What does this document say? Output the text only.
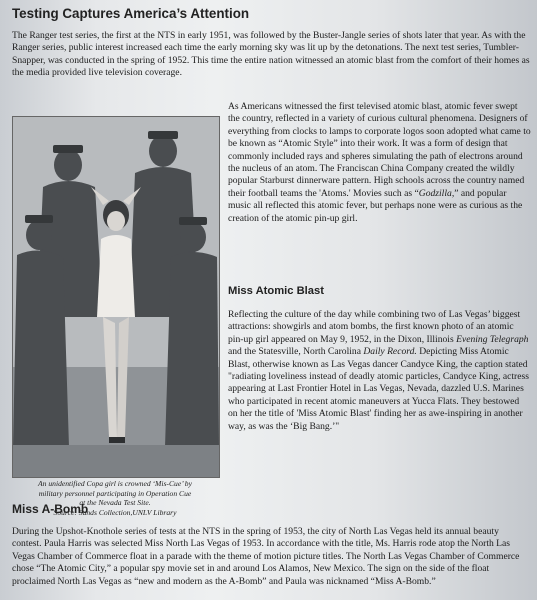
Testing Captures America’s Attention

The Ranger test series, the first at the NTS in early 1951, was followed by the Buster-Jangle series of shots later that year. As with the Ranger series, public interest increased each time the early morning sky was lit up by the detonations. The next test series, Tumbler-Snapper, was conducted in the spring of 1952. This time the entire nation witnessed an atomic blast from the comfort of their homes as the media provided live television coverage.

An unidentified Copa girl is crowned ‘Mis-Cue’ by
military personnel participating in Operation Cue
at the Nevada Test Site.
Source: Sands Collection,UNLV Library

As Americans witnessed the first televised atomic blast, atomic fever swept the country, reflected in a variety of curious cultural phenomena. Designers of everything from clocks to lamps to corporate logos soon adopted what came to be known as “Atomic Style” into their work. It was a form of design that commonly included rays and spheres simulating the path of electrons around the nucleus of an atom. The Franciscan China Company created the wildly popular Starburst dinnerware pattern. High schools across the country named their football teams the 'Atoms.' Movies such as “Godzilla,” and popular music all reflected this atomic fever, but perhaps none were as curious as the creation of the atomic pin-up girl.

Miss Atomic Blast

Reflecting the culture of the day while combining two of Las Vegas’ biggest attractions: showgirls and atom bombs, the first known photo of an atomic pin-up girl appeared on May 9, 1952, in the Dixon, Illinois Evening Telegraph and the Statesville, North Carolina Daily Record. Depicting Miss Atomic Blast, otherwise known as Las Vegas dancer Candyce King, the caption stated "radiating loveliness instead of deadly atomic particles, Candyce King, actress appearing at Last Frontier Hotel in Las Vegas, Nevada, dazzled U.S. Marines who participated in recent atomic maneuvers at Yucca Flats. They bestowed on her the title of 'Miss Atomic Blast' finding her as awe-inspiring in another way, as was the ‘Big Bang.’"

Miss A-Bomb

During the Upshot-Knothole series of tests at the NTS in the spring of 1953, the city of North Las Vegas held its annual beauty contest. Paula Harris was selected Miss North Las Vegas of 1953. In accordance with the title, Ms. Harris rode atop the North Las Vegas Chamber of Commerce float in a parade with the theme of motion picture titles. The North Las Vegas Chamber of Commerce chose “The Atomic City,” a popular spy movie set in and around Los Alamos, New Mexico. The sign on the side of the float proclaimed North Las Vegas as “new and modern as the A-Bomb” and Paula was nicknamed “Miss A-Bomb.”
